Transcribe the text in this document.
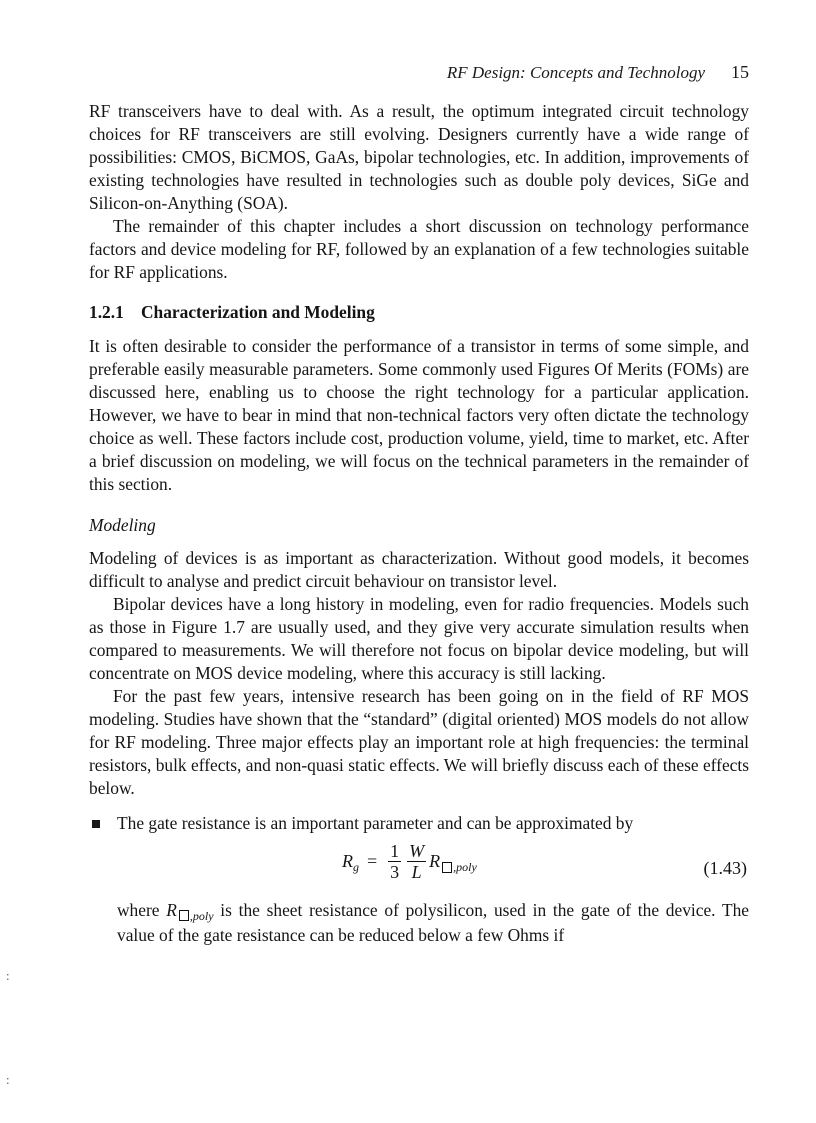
RF Design: Concepts and Technology 15

RF transceivers have to deal with. As a result, the optimum integrated circuit technology choices for RF transceivers are still evolving. Designers currently have a wide range of possibilities: CMOS, BiCMOS, GaAs, bipolar technologies, etc. In addition, improvements of existing technologies have resulted in technologies such as double poly devices, SiGe and Silicon-on-Anything (SOA).

The remainder of this chapter includes a short discussion on technology performance factors and device modeling for RF, followed by an explanation of a few technologies suitable for RF applications.

1.2.1 Characterization and Modeling

It is often desirable to consider the performance of a transistor in terms of some simple, and preferable easily measurable parameters. Some commonly used Figures Of Merits (FOMs) are discussed here, enabling us to choose the right technology for a particular application. However, we have to bear in mind that non-technical factors very often dictate the technology choice as well. These factors include cost, production volume, yield, time to market, etc. After a brief discussion on modeling, we will focus on the technical parameters in the remainder of this section.

Modeling

Modeling of devices is as important as characterization. Without good models, it becomes difficult to analyse and predict circuit behaviour on transistor level.

Bipolar devices have a long history in modeling, even for radio frequencies. Models such as those in Figure 1.7 are usually used, and they give very accurate simulation results when compared to measurements. We will therefore not focus on bipolar device modeling, but will concentrate on MOS device modeling, where this accuracy is still lacking.

For the past few years, intensive research has been going on in the field of RF MOS modeling. Studies have shown that the “standard” (digital oriented) MOS models do not allow for RF modeling. Three major effects play an important role at high frequencies: the terminal resistors, bulk effects, and non-quasi static effects. We will briefly discuss each of these effects below.

The gate resistance is an important parameter and can be approximated by

R $g = \frac{1}{3} \frac{W}{L}$ R ,poly	(1.43)

where R $_{,poly}$ is the sheet resistance of polysilicon, used in the gate of the device. The value of the gate resistance can be reduced below a few Ohms if

:
:
